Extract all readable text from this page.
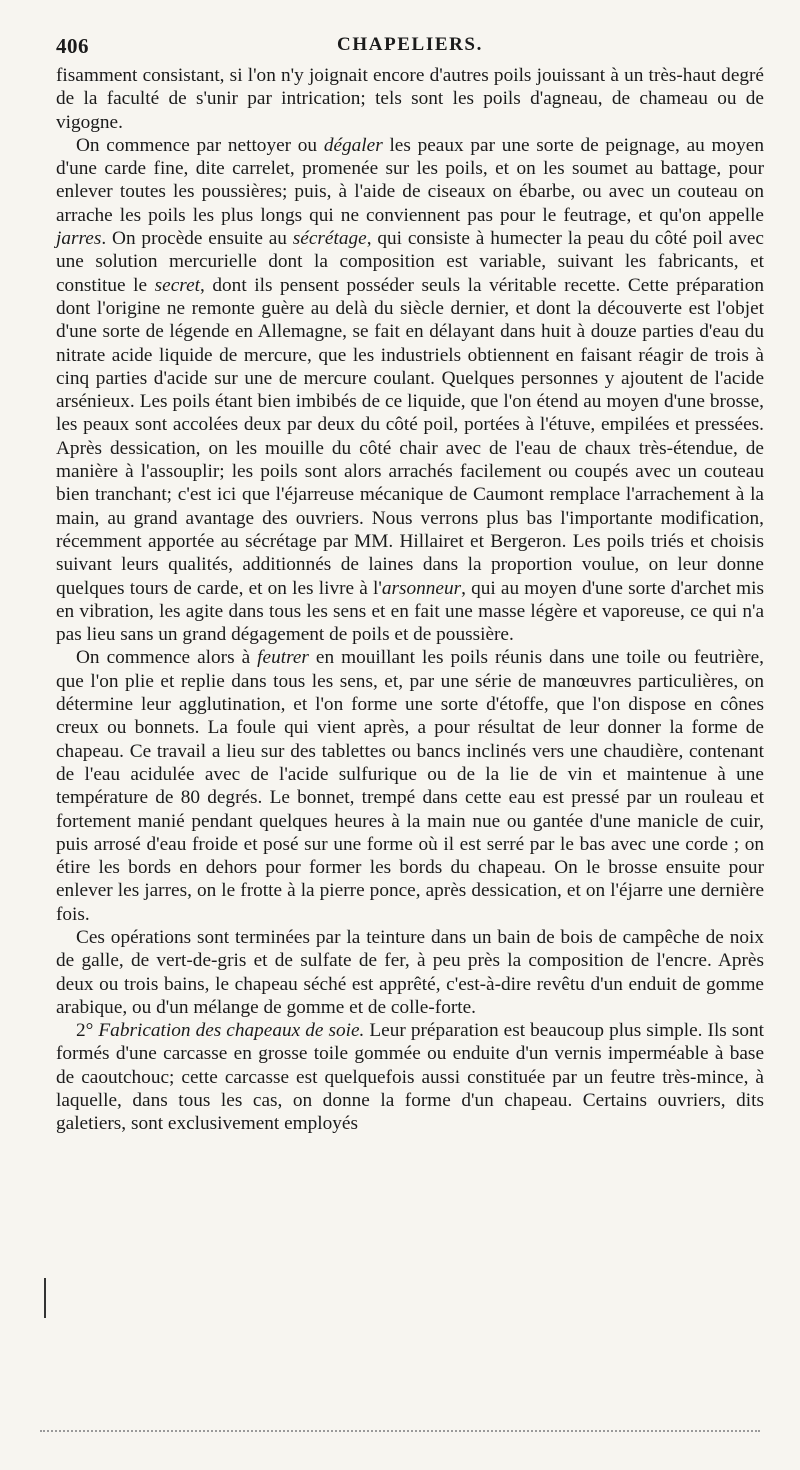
406	CHAPELIERS.

fisamment consistant, si l'on n'y joignait encore d'autres poils jouissant à un très-haut degré de la faculté de s'unir par intrication; tels sont les poils d'agneau, de chameau ou de vigogne.

On commence par nettoyer ou dégaler les peaux par une sorte de peignage, au moyen d'une carde fine, dite carrelet, promenée sur les poils, et on les soumet au battage, pour enlever toutes les poussières; puis, à l'aide de ciseaux on ébarbe, ou avec un couteau on arrache les poils les plus longs qui ne conviennent pas pour le feutrage, et qu'on appelle jarres. On procède ensuite au sécrétage, qui consiste à humecter la peau du côté poil avec une solution mercurielle dont la composition est variable, suivant les fabricants, et constitue le secret, dont ils pensent posséder seuls la véritable recette. Cette préparation dont l'origine ne remonte guère au delà du siècle dernier, et dont la découverte est l'objet d'une sorte de légende en Allemagne, se fait en délayant dans huit à douze parties d'eau du nitrate acide liquide de mercure, que les industriels obtiennent en faisant réagir de trois à cinq parties d'acide sur une de mercure coulant. Quelques personnes y ajoutent de l'acide arsénieux. Les poils étant bien imbibés de ce liquide, que l'on étend au moyen d'une brosse, les peaux sont accolées deux par deux du côté poil, portées à l'étuve, empilées et pressées. Après dessication, on les mouille du côté chair avec de l'eau de chaux très-étendue, de manière à l'assouplir; les poils sont alors arrachés facilement ou coupés avec un couteau bien tranchant; c'est ici que l'éjarreuse mécanique de Caumont remplace l'arrachement à la main, au grand avantage des ouvriers. Nous verrons plus bas l'importante modification, récemment apportée au sécrétage par MM. Hillairet et Bergeron. Les poils triés et choisis suivant leurs qualités, additionnés de laines dans la proportion voulue, on leur donne quelques tours de carde, et on les livre à l'arsonneur, qui au moyen d'une sorte d'archet mis en vibration, les agite dans tous les sens et en fait une masse légère et vaporeuse, ce qui n'a pas lieu sans un grand dégagement de poils et de poussière.

On commence alors à feutrer en mouillant les poils réunis dans une toile ou feutrière, que l'on plie et replie dans tous les sens, et, par une série de manœuvres particulières, on détermine leur agglutination, et l'on forme une sorte d'étoffe, que l'on dispose en cônes creux ou bonnets. La foule qui vient après, a pour résultat de leur donner la forme de chapeau. Ce travail a lieu sur des tablettes ou bancs inclinés vers une chaudière, contenant de l'eau acidulée avec de l'acide sulfurique ou de la lie de vin et maintenue à une température de 80 degrés. Le bonnet, trempé dans cette eau est pressé par un rouleau et fortement manié pendant quelques heures à la main nue ou gantée d'une manicle de cuir, puis arrosé d'eau froide et posé sur une forme où il est serré par le bas avec une corde ; on étire les bords en dehors pour former les bords du chapeau. On le brosse ensuite pour enlever les jarres, on le frotte à la pierre ponce, après dessication, et on l'éjarre une dernière fois.

Ces opérations sont terminées par la teinture dans un bain de bois de campêche de noix de galle, de vert-de-gris et de sulfate de fer, à peu près la composition de l'encre. Après deux ou trois bains, le chapeau séché est apprêté, c'est-à-dire revêtu d'un enduit de gomme arabique, ou d'un mélange de gomme et de colle-forte.

2° Fabrication des chapeaux de soie. Leur préparation est beaucoup plus simple. Ils sont formés d'une carcasse en grosse toile gommée ou enduite d'un vernis imperméable à base de caoutchouc; cette carcasse est quelquefois aussi constituée par un feutre très-mince, à laquelle, dans tous les cas, on donne la forme d'un chapeau. Certains ouvriers, dits galetiers, sont exclusivement employés
